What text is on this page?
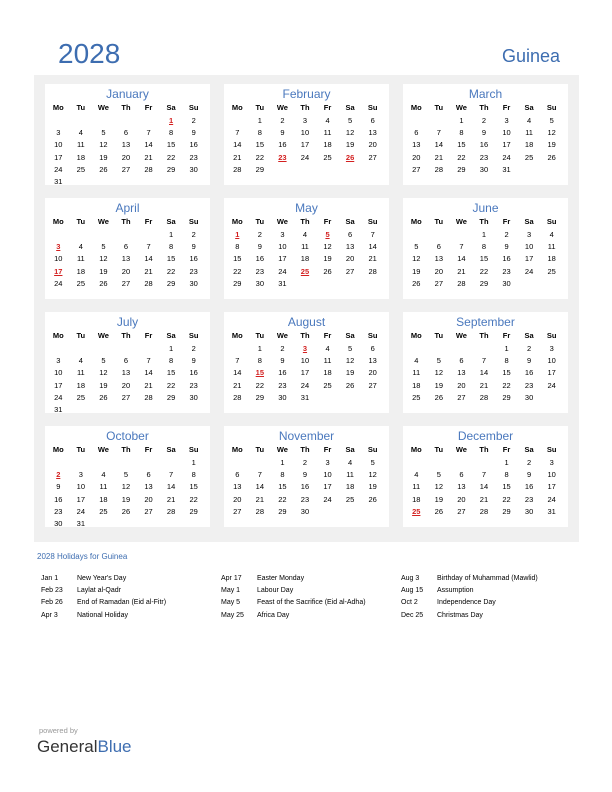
2028	Guinea
January
Mo	Tu	We	Th	Fr	Sa	Su
					1	2
3	4	5	6	7	8	9
10	11	12	13	14	15	16
17	18	19	20	21	22	23
24	25	26	27	28	29	30
31						
February
Mo	Tu	We	Th	Fr	Sa	Su
	1	2	3	4	5	6
7	8	9	10	11	12	13
14	15	16	17	18	19	20
21	22	23	24	25	26	27
28	29					
March
Mo	Tu	We	Th	Fr	Sa	Su
		1	2	3	4	5
6	7	8	9	10	11	12
13	14	15	16	17	18	19
20	21	22	23	24	25	26
27	28	29	30	31		
April
Mo	Tu	We	Th	Fr	Sa	Su
					1	2
3	4	5	6	7	8	9
10	11	12	13	14	15	16
17	18	19	20	21	22	23
24	25	26	27	28	29	30
May
Mo	Tu	We	Th	Fr	Sa	Su
1	2	3	4	5	6	7
8	9	10	11	12	13	14
15	16	17	18	19	20	21
22	23	24	25	26	27	28
29	30	31				
June
Mo	Tu	We	Th	Fr	Sa	Su
			1	2	3	4
5	6	7	8	9	10	11
12	13	14	15	16	17	18
19	20	21	22	23	24	25
26	27	28	29	30		
July
Mo	Tu	We	Th	Fr	Sa	Su
					1	2
3	4	5	6	7	8	9
10	11	12	13	14	15	16
17	18	19	20	21	22	23
24	25	26	27	28	29	30
31						
August
Mo	Tu	We	Th	Fr	Sa	Su
	1	2	3	4	5	6
7	8	9	10	11	12	13
14	15	16	17	18	19	20
21	22	23	24	25	26	27
28	29	30	31			
September
Mo	Tu	We	Th	Fr	Sa	Su
				1	2	3
4	5	6	7	8	9	10
11	12	13	14	15	16	17
18	19	20	21	22	23	24
25	26	27	28	29	30	
October
Mo	Tu	We	Th	Fr	Sa	Su
						1
2	3	4	5	6	7	8
9	10	11	12	13	14	15
16	17	18	19	20	21	22
23	24	25	26	27	28	29
30	31					
November
Mo	Tu	We	Th	Fr	Sa	Su
		1	2	3	4	5
6	7	8	9	10	11	12
13	14	15	16	17	18	19
20	21	22	23	24	25	26
27	28	29	30			
December
Mo	Tu	We	Th	Fr	Sa	Su
				1	2	3
4	5	6	7	8	9	10
11	12	13	14	15	16	17
18	19	20	21	22	23	24
25	26	27	28	29	30	31
2028 Holidays for Guinea
Jan 1	New Year's Day
Feb 23 Laylat al-Qadr
Feb 26 End of Ramadan (Eid al-Fitr)
Apr 3	National Holiday
Apr 17 Easter Monday
May 1 Labour Day
May 5 Feast of the Sacrifice (Eid al-Adha)
May 25 Africa Day
Aug 3	Birthday of Muhammad (Mawlid)
Aug 15 Assumption
Oct 2	Independence Day
Dec 25 Christmas Day
powered by
GeneralBlue
